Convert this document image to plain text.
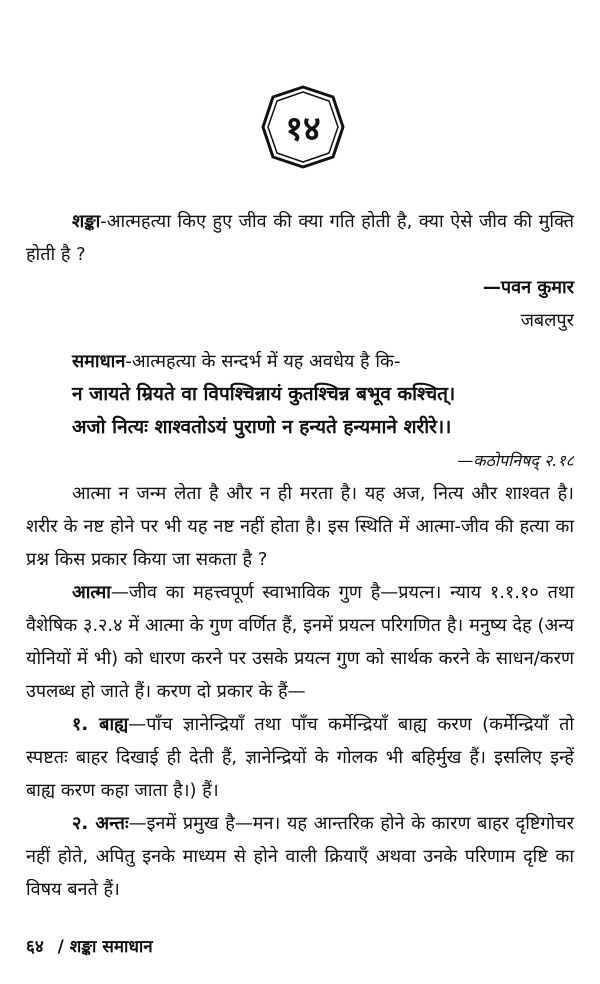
१४

शङ्का-आत्महत्या किए हुए जीव की क्या गति होती है, क्या ऐसे जीव की मुक्ति होती है ?

—पवन कुमार

जबलपुर

समाधान-आत्महत्या के सन्दर्भ में यह अवधेय है कि-

न जायते म्रियते वा विपश्चिन्नायं कुतश्चिन्न बभूव कश्चित्।

अजो नित्यः शाश्वतोऽयं पुराणो न हन्यते हन्यमाने शरीरे।।

—कठोपनिषद् २.१८

आत्मा न जन्म लेता है और न ही मरता है। यह अज, नित्य और शाश्वत है। शरीर के नष्ट होने पर भी यह नष्ट नहीं होता है। इस स्थिति में आत्मा-जीव की हत्या का प्रश्न किस प्रकार किया जा सकता है ?

आत्मा—जीव का महत्त्वपूर्ण स्वाभाविक गुण है—प्रयत्न। न्याय १.१.१० तथा वैशेषिक ३.२.४ में आत्मा के गुण वर्णित हैं, इनमें प्रयत्न परिगणित है। मनुष्य देह (अन्य योनियों में भी) को धारण करने पर उसके प्रयत्न गुण को सार्थक करने के साधन/करण उपलब्ध हो जाते हैं। करण दो प्रकार के हैं—

१. बाह्य—पाँच ज्ञानेन्द्रियाँ तथा पाँच कर्मेन्द्रियाँ बाह्य करण (कर्मेन्द्रियाँ तो स्पष्टतः बाहर दिखाई ही देती हैं, ज्ञानेन्द्रियों के गोलक भी बहिर्मुख हैं। इसलिए इन्हें बाह्य करण कहा जाता है।) हैं।

२. अन्तः—इनमें प्रमुख है—मन। यह आन्तरिक होने के कारण बाहर दृष्टिगोचर नहीं होते, अपितु इनके माध्यम से होने वाली क्रियाएँ अथवा उनके परिणाम दृष्टि का विषय बनते हैं।

६४ / शङ्का समाधान
